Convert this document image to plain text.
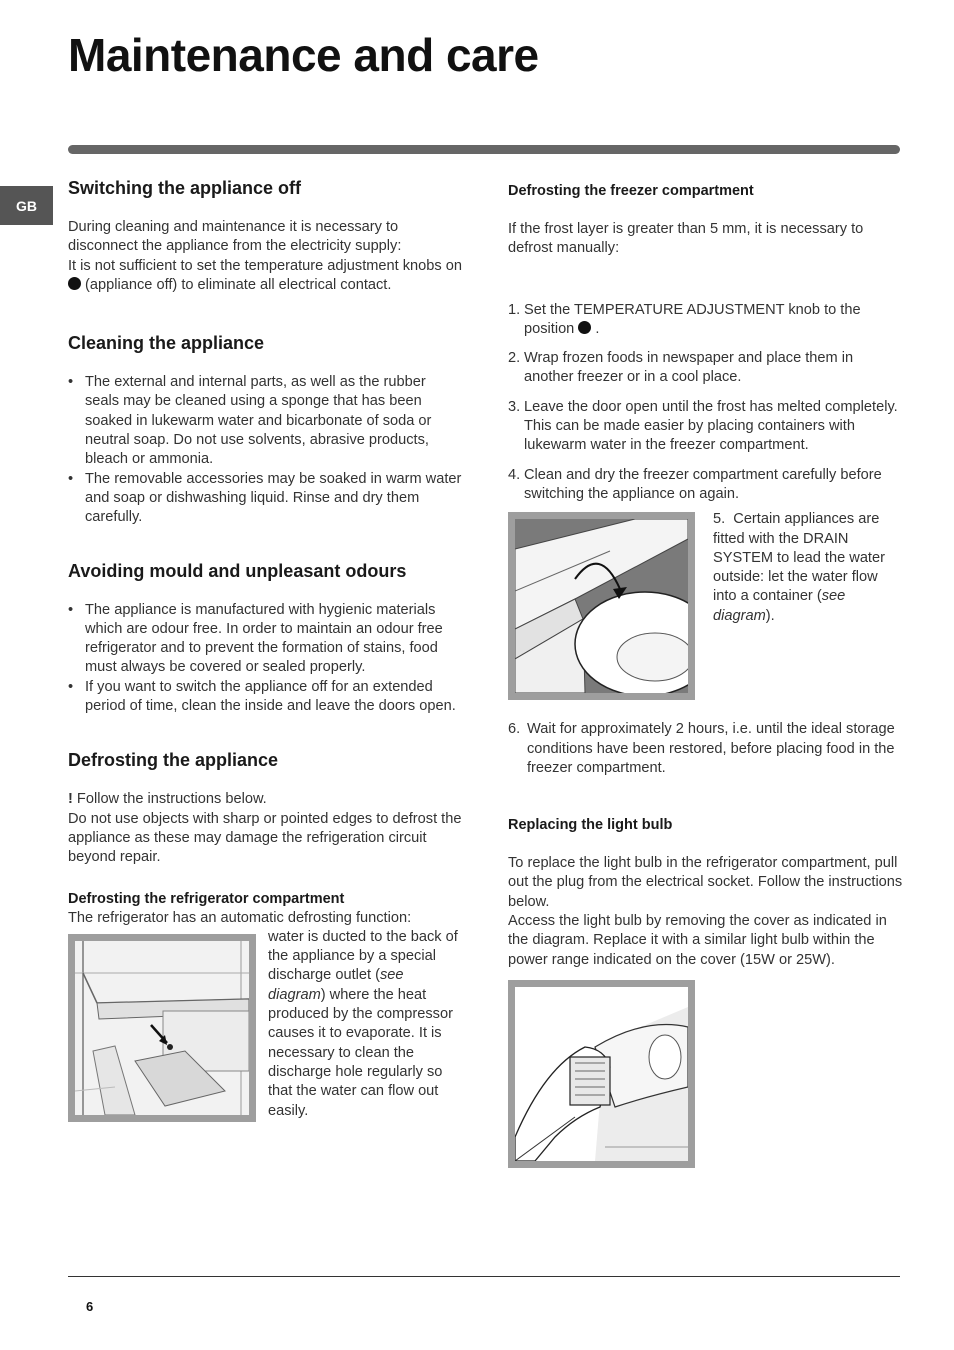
Maintenance and care
GB
Switching the appliance off

During cleaning and maintenance it is necessary to disconnect the appliance from the electricity supply:

It is not sufficient to set the temperature adjustment knobs on  (appliance off) to eliminate all electrical contact.

Cleaning the appliance
• The external and internal parts, as well as the rubber seals may be cleaned using a sponge that has been soaked in lukewarm water and bicarbonate of soda or neutral soap. Do not use solvents, abrasive products, bleach or ammonia.
• The removable accessories may be soaked in warm water and soap or dishwashing liquid. Rinse and dry them carefully.
Avoiding mould and unpleasant odours
• The appliance is manufactured with hygienic materials which are odour free. In order to maintain an odour free refrigerator and to prevent the formation of stains, food must always be covered or sealed properly.
• If you want to switch the appliance off for an extended period of time, clean the inside and leave the doors open.
Defrosting the appliance

! Follow the instructions below.

Do not use objects with sharp or pointed edges to defrost the appliance as these may damage the refrigeration circuit beyond repair.

Defrosting the refrigerator compartment

The refrigerator has an automatic defrosting function:

water is ducted to the back of the appliance by a special discharge outlet (see diagram) where the heat produced by the compressor causes it to evaporate. It is necessary to clean the discharge hole regularly so that the water can flow out easily.

Defrosting the freezer compartment

If the frost layer is greater than 5 mm, it is necessary to defrost manually:

1. Set the TEMPERATURE ADJUSTMENT knob to the position  .
2. Wrap frozen foods in newspaper and place them in another freezer or in a cool place.
3. Leave the door open until the frost has melted completely. This can be made easier by placing containers with lukewarm water in the freezer compartment.
4. Clean and dry the freezer compartment carefully before switching the appliance on again.

5. Certain appliances are fitted with the DRAIN SYSTEM to lead the water outside: let the water flow into a container (see diagram).

6. Wait for approximately 2 hours, i.e. until the ideal storage conditions have been restored, before placing food in the freezer compartment.
Replacing the light bulb

To replace the light bulb in the refrigerator compartment, pull out the plug from the electrical socket. Follow the instructions below.

Access the light bulb by removing the cover as indicated in the diagram. Replace it with a similar light bulb within the power range indicated on the cover (15W or 25W).

6
